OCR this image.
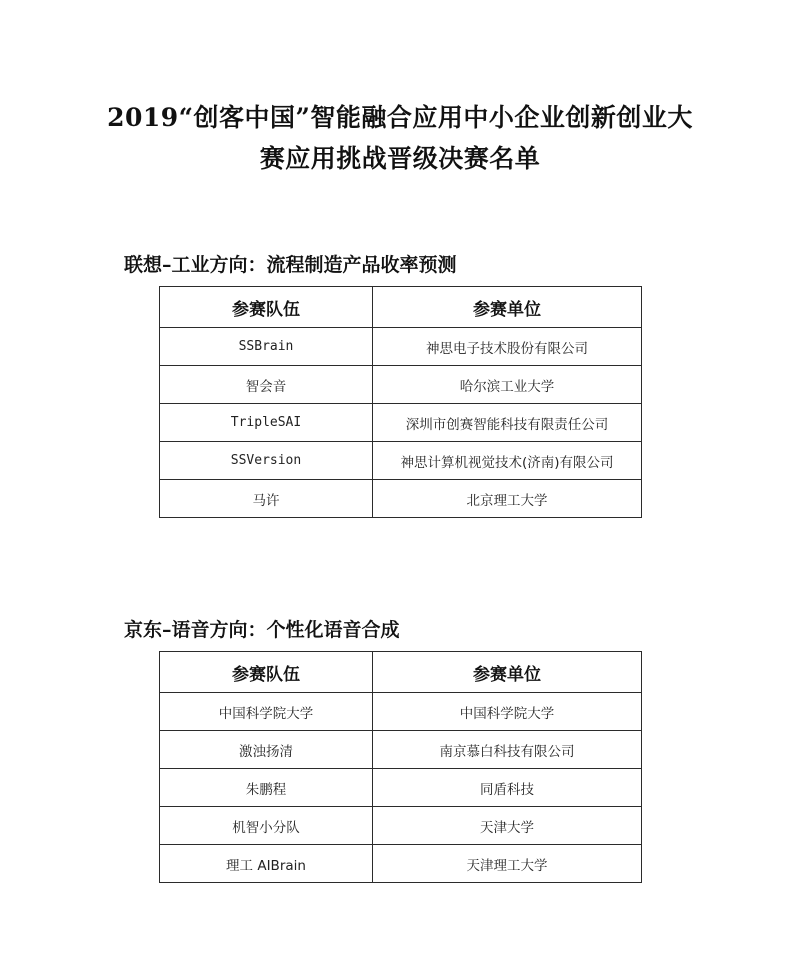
2019“创客中国”智能融合应用中小企业创新创业大
赛应用挑战晋级决赛名单
联想–工业方向：流程制造产品收率预测
参赛队伍	参赛单位
SSBrain	神思电子技术股份有限公司
智会音	哈尔滨工业大学
TripleSAI	深圳市创赛智能科技有限责任公司
SSVersion	神思计算机视觉技术(济南)有限公司
马许	北京理工大学
京东–语音方向：个性化语音合成
参赛队伍	参赛单位
中国科学院大学	中国科学院大学
激浊扬清	南京慕白科技有限公司
朱鹏程	同盾科技
机智小分队	天津大学
理工 AIBrain	天津理工大学
